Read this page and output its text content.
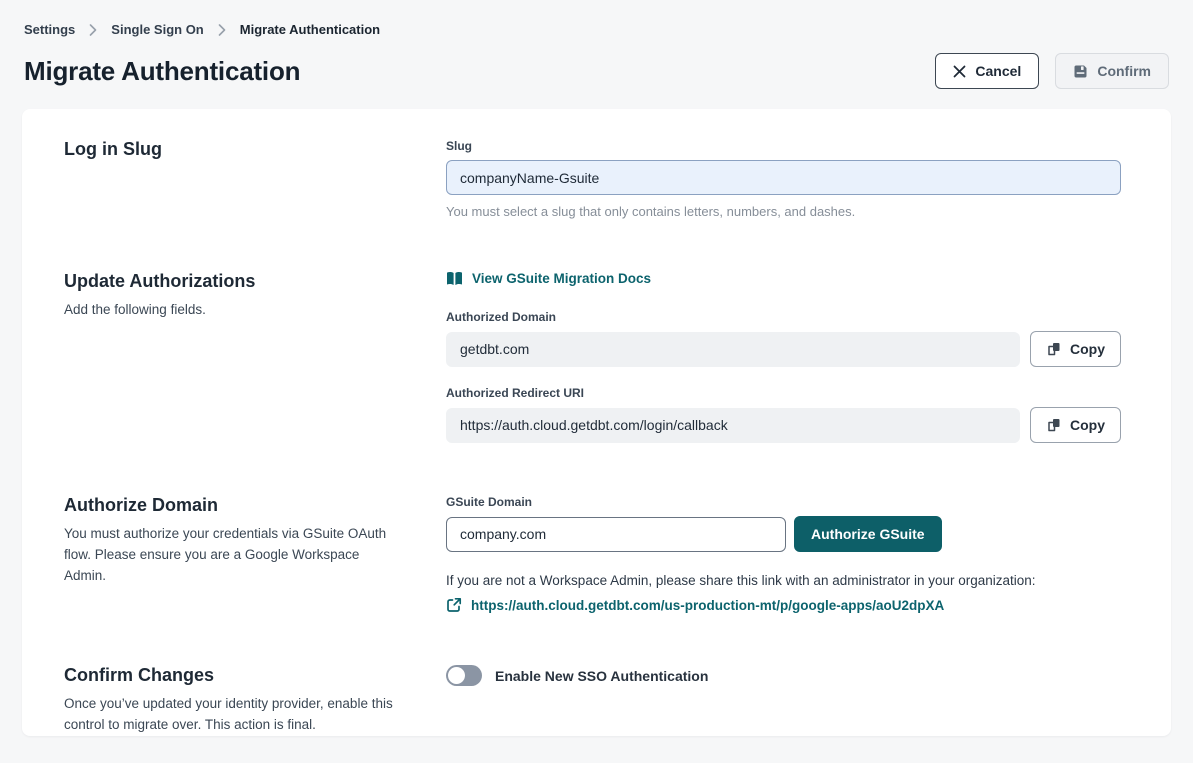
Settings	Single Sign On	Migrate Authentication
Migrate Authentication	Cancel	Confirm
Log in Slug	Slug
companyName-Gsuite
You must select a slug that only contains letters, numbers, and dashes.
Update Authorizations

Add the following fields.

View GSuite Migration Docs
Authorized Domain
getdbt.com
Copy
Authorized Redirect URI
https://auth.cloud.getdbt.com/login/callback
Copy
Authorize Domain

You must authorize your credentials via GSuite OAuth flow. Please ensure you are a Google Workspace Admin.

GSuite Domain
company.com
Authorize GSuite
If you are not a Workspace Admin, please share this link with an administrator in your organization:
https://auth.cloud.getdbt.com/us-production-mt/p/google-apps/aoU2dpXA
Confirm Changes

Once you’ve updated your identity provider, enable this control to migrate over. This action is final.

Enable New SSO Authentication
